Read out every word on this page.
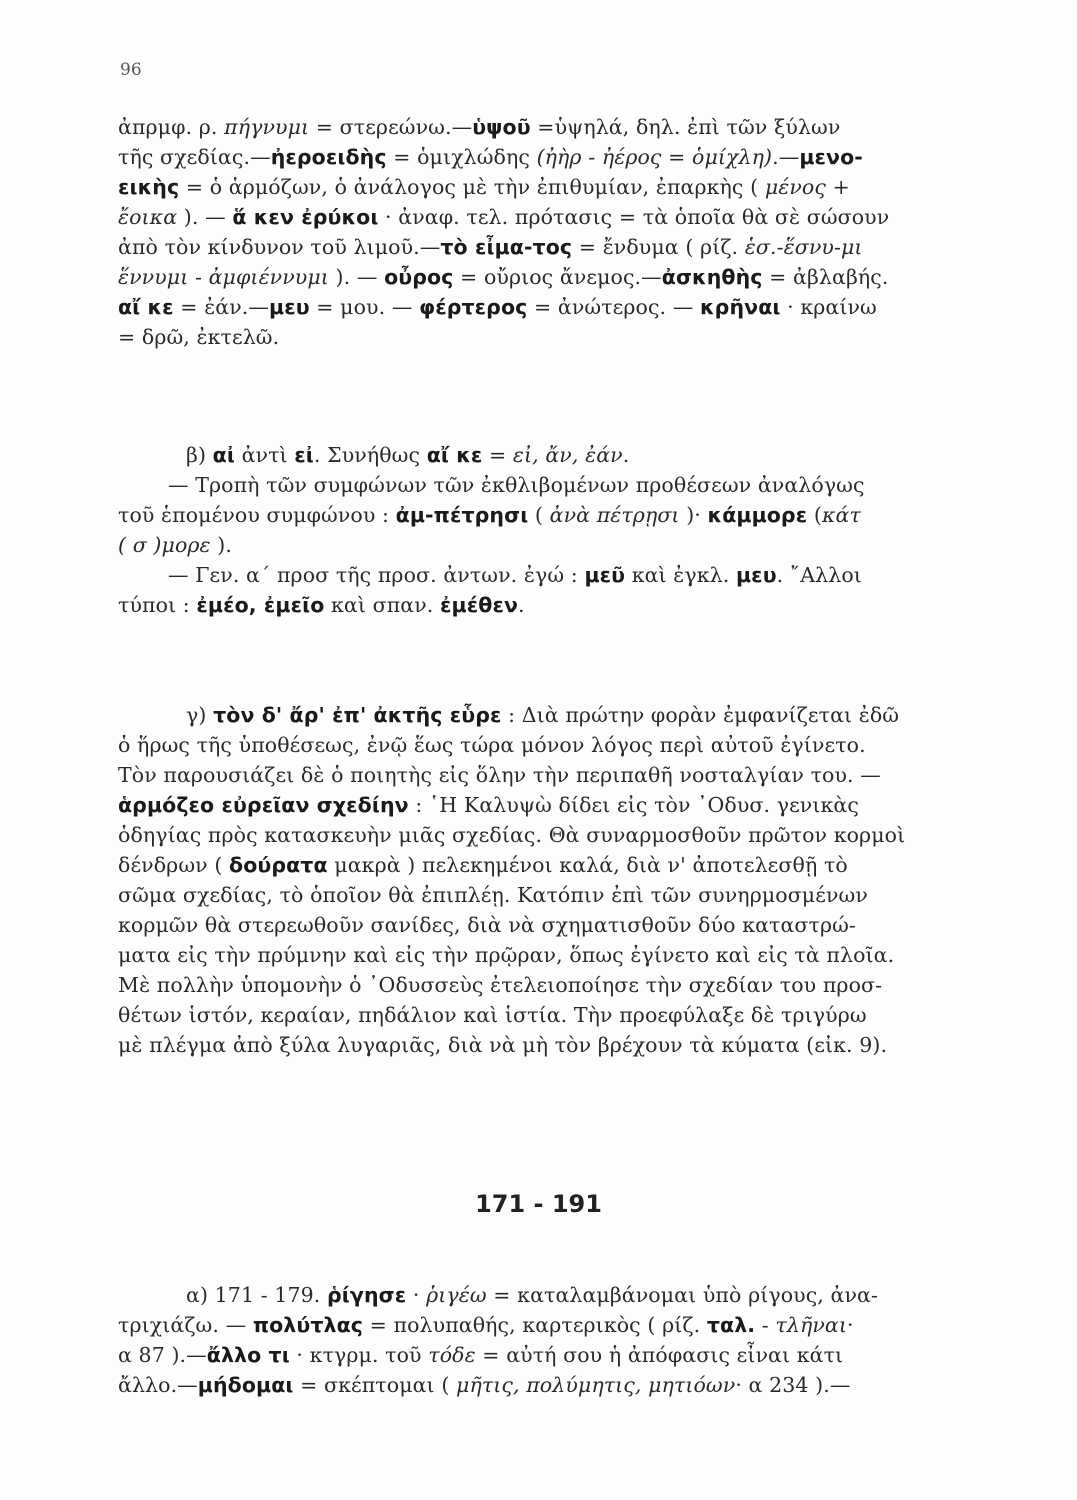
96
ἀπρμφ. ρ. πήγνυμι = στερεώνω.—ὑψοῦ =ὑψηλά, δηλ. ἐπὶ τῶν ξύλων
τῆς σχεδίας.—ἠεροειδὴς = ὁμιχλώδης (ἠὴρ - ἠέρος = ὁμίχλη).—μενο-
εικὴς = ὁ ἁρμόζων, ὁ ἀνάλογος μὲ τὴν ἐπιθυμίαν, ἐπαρκὴς ( μένος +
ἔοικα ). — ἅ κεν ἐρύκοι · ἀναφ. τελ. πρότασις = τὰ ὁποῖα θὰ σὲ σώσουν
ἀπὸ τὸν κίνδυνον τοῦ λιμοῦ.—τὸ εἶμα-τος = ἔνδυμα ( ρίζ. ἑσ.-ἕσνυ-μι
ἕννυμι - ἀμφιέννυμι ). — οὖρος = οὔριος ἄνεμος.—ἀσκηθὴς = ἀβλαβής.
αἴ κε = ἐάν.—μευ = μου. — φέρτερος = ἀνώτερος. — κρῆναι · κραίνω
= δρῶ, ἐκτελῶ.
β) αἰ ἀντὶ εἰ. Συνήθως αἴ κε = εἰ, ἄν, ἐάν.
— Τροπὴ τῶν συμφώνων τῶν ἐκθλιβομένων προθέσεων ἀναλόγως
τοῦ ἑπομένου συμφώνου : ἀμ-πέτρησι ( ἀνὰ πέτρῃσι )· κάμμορε (κάτ
( σ )μορε ).
— Γεν. α΄ προσ τῆς προσ. ἀντων. ἐγώ : μεῦ καὶ ἐγκλ. μευ. ῎Αλλοι
τύποι : ἐμέο, ἐμεῖο καὶ σπαν. ἐμέθεν.
γ) τὸν δ' ἄρ' ἐπ' ἀκτῆς εὗρε : Διὰ πρώτην φορὰν ἐμφανίζεται ἐδῶ
ὁ ἥρως τῆς ὑποθέσεως, ἐνῷ ἕως τώρα μόνον λόγος περὶ αὐτοῦ ἐγίνετο.
Τὸν παρουσιάζει δὲ ὁ ποιητὴς εἰς ὅλην τὴν περιπαθῆ νοσταλγίαν του. —
ἁρμόζεο εὐρεῖαν σχεδίην : ῾Η Καλυψὼ δίδει εἰς τὸν ᾿Οδυσ. γενικὰς
ὁδηγίας πρὸς κατασκευὴν μιᾶς σχεδίας. Θὰ συναρμοσθοῦν πρῶτον κορμοὶ
δένδρων ( δούρατα μακρὰ ) πελεκημένοι καλά, διὰ ν' ἀποτελεσθῇ τὸ
σῶμα σχεδίας, τὸ ὁποῖον θὰ ἐπιπλέῃ. Κατόπιν ἐπὶ τῶν συνηρμοσμένων
κορμῶν θὰ στερεωθοῦν σανίδες, διὰ νὰ σχηματισθοῦν δύο καταστρώ-
ματα εἰς τὴν πρύμνην καὶ εἰς τὴν πρῷραν, ὅπως ἐγίνετο καὶ εἰς τὰ πλοῖα.
Μὲ πολλὴν ὑπομονὴν ὁ ᾿Οδυσσεὺς ἐτελειοποίησε τὴν σχεδίαν του προσ-
θέτων ἱστόν, κεραίαν, πηδάλιον καὶ ἱστία. Τὴν προεφύλαξε δὲ τριγύρω
μὲ πλέγμα ἀπὸ ξύλα λυγαριᾶς, διὰ νὰ μὴ τὸν βρέχουν τὰ κύματα (εἰκ. 9).
171 - 191
α) 171 - 179. ῥίγησε · ῥιγέω = καταλαμβάνομαι ὑπὸ ρίγους, ἀνα-
τριχιάζω. — πολύτλας = πολυπαθής, καρτερικὸς ( ρίζ. ταλ. - τλῆναι·
α 87 ).—ἄλλο τι · κτγρμ. τοῦ τόδε = αὐτή σου ἡ ἀπόφασις εἶναι κάτι
ἄλλο.—μήδομαι = σκέπτομαι ( μῆτις, πολύμητις, μητιόων· α 234 ).—
